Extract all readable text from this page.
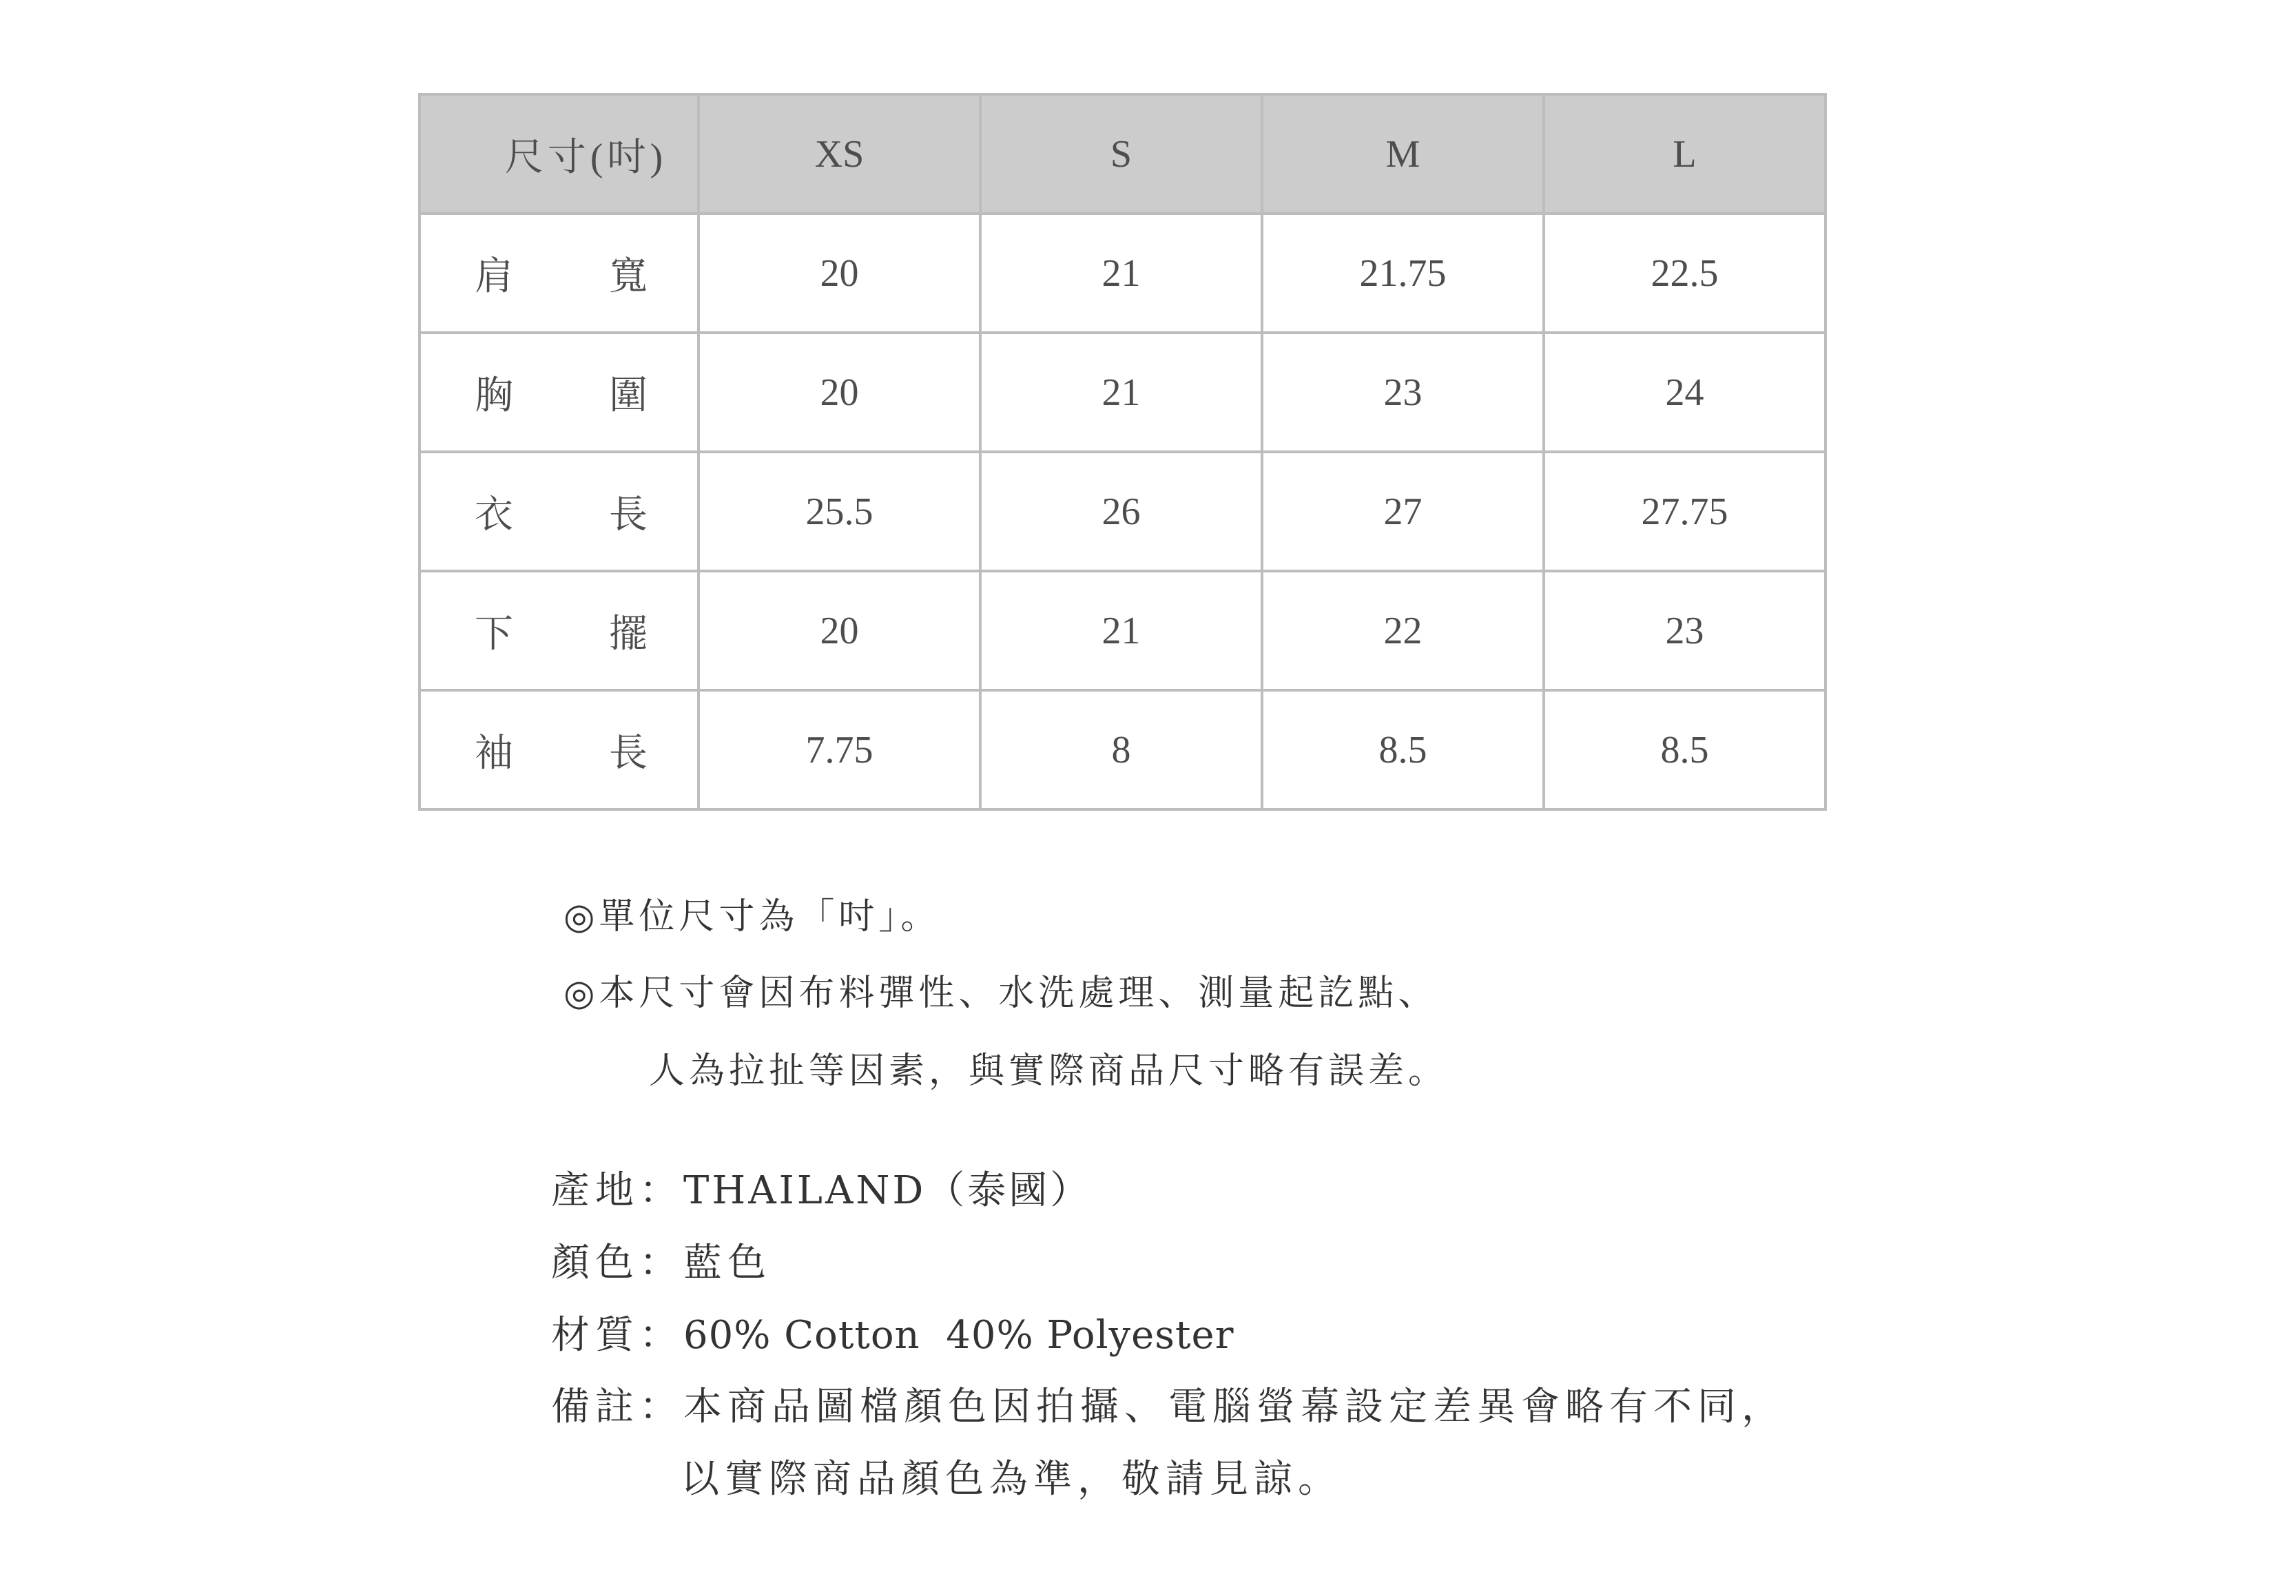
尺寸(吋)	XS	S	M	L

肩 寬	20	21	21.75	22.5

胸 圍	20	21	23	24

衣 長	25.5	26	27	27.75

下 擺	20	21	22	23

袖 長	7.75	8	8.5	8.5
◎單位尺寸為「吋」。
◎本尺寸會因布料彈性、水洗處理、測量起訖點、
人為拉扯等因素，與實際商品尺寸略有誤差。
產地：THAILAND（泰國）
顏色：藍色
材質：60% Cotton  40% Polyester
備註：本商品圖檔顏色因拍攝、電腦螢幕設定差異會略有不同，
以實際商品顏色為準，敬請見諒。
